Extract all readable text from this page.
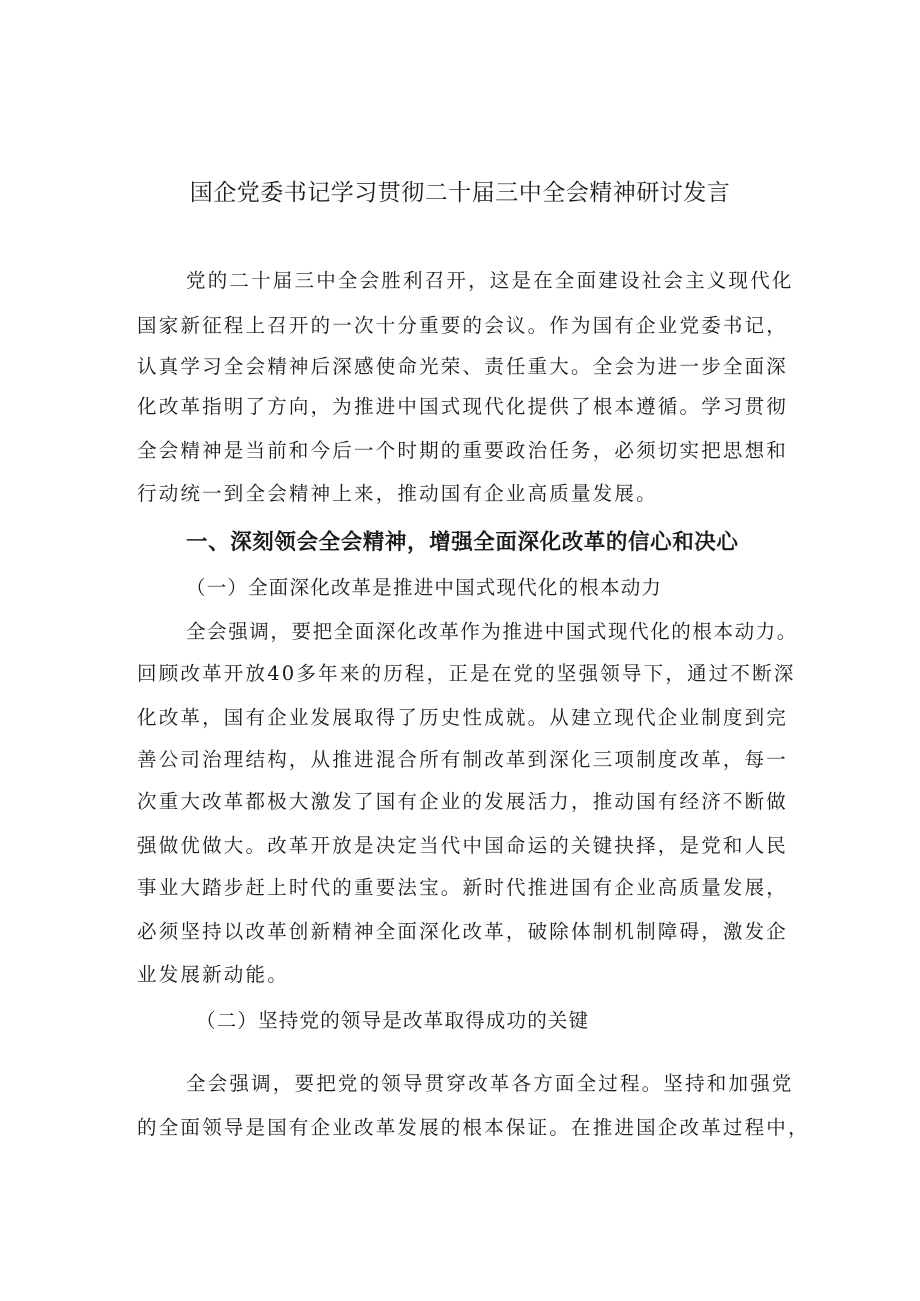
国企党委书记学习贯彻二十届三中全会精神研讨发言
党的二十届三中全会胜利召开，这是在全面建设社会主义现代化
国家新征程上召开的一次十分重要的会议。作为国有企业党委书记，
认真学习全会精神后深感使命光荣、责任重大。全会为进一步全面深
化改革指明了方向，为推进中国式现代化提供了根本遵循。学习贯彻
全会精神是当前和今后一个时期的重要政治任务，必须切实把思想和
行动统一到全会精神上来，推动国有企业高质量发展。
一、深刻领会全会精神，增强全面深化改革的信心和决心
（一）全面深化改革是推进中国式现代化的根本动力
全会强调，要把全面深化改革作为推进中国式现代化的根本动力。
回顾改革开放40多年来的历程，正是在党的坚强领导下，通过不断深
化改革，国有企业发展取得了历史性成就。从建立现代企业制度到完
善公司治理结构，从推进混合所有制改革到深化三项制度改革，每一
次重大改革都极大激发了国有企业的发展活力，推动国有经济不断做
强做优做大。改革开放是决定当代中国命运的关键抉择，是党和人民
事业大踏步赶上时代的重要法宝。新时代推进国有企业高质量发展，
必须坚持以改革创新精神全面深化改革，破除体制机制障碍，激发企
业发展新动能。
（二）坚持党的领导是改革取得成功的关键
全会强调，要把党的领导贯穿改革各方面全过程。坚持和加强党
的全面领导是国有企业改革发展的根本保证。在推进国企改革过程中，
